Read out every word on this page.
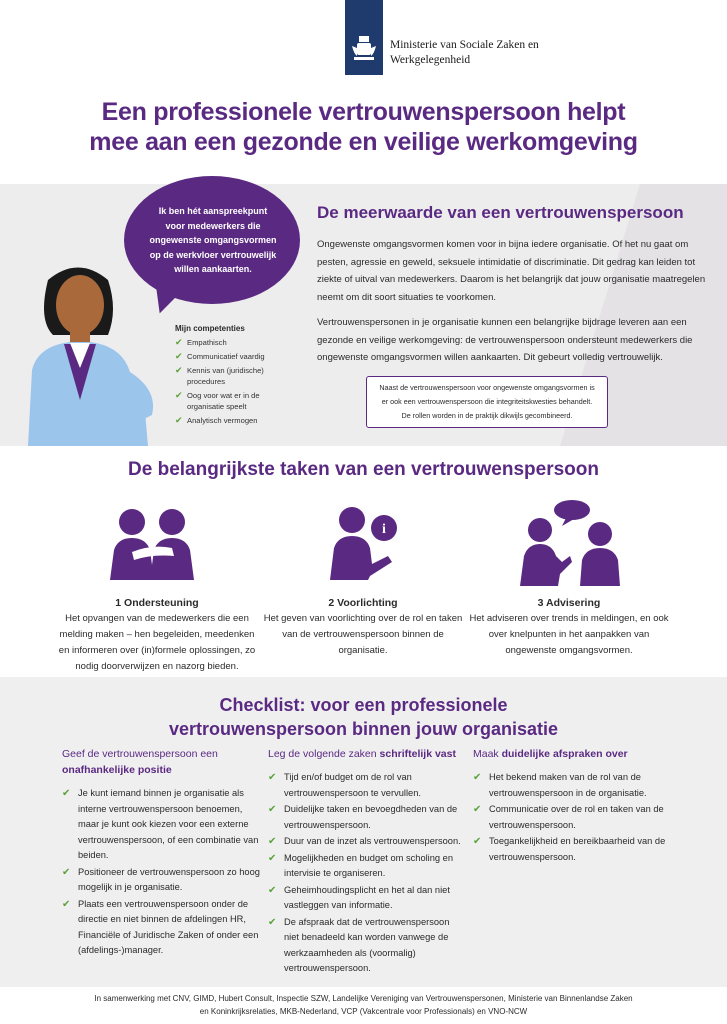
Ministerie van Sociale Zaken en
Werkgelegenheid
Een professionele vertrouwenspersoon helpt
mee aan een gezonde en veilige werkomgeving
Ik ben hét aanspreekpunt
voor medewerkers die
ongewenste omgangsvormen
op de werkvloer vertrouwelijk
willen aankaarten.
Mijn competenties
✔ Empathisch
✔ Communicatief vaardig
✔ Kennis van (juridische) procedures
✔ Oog voor wat er in de organisatie speelt
✔ Analytisch vermogen
De meerwaarde van een vertrouwenspersoon

Ongewenste omgangsvormen komen voor in bijna iedere organisatie. Of het nu gaat om pesten, agressie en geweld, seksuele intimidatie of discriminatie. Dit gedrag kan leiden tot ziekte of uitval van medewerkers. Daarom is het belangrijk dat jouw organisatie maatregelen neemt om dit soort situaties te voorkomen.

Vertrouwenspersonen in je organisatie kunnen een belangrijke bijdrage leveren aan een gezonde en veilige werkomgeving: de vertrouwenspersoon ondersteunt medewerkers die ongewenste omgangsvormen willen aankaarten. Dit gebeurt volledig vertrouwelijk.

Naast de vertrouwenspersoon voor ongewenste omgangsvormen is
er ook een vertrouwenspersoon die integriteitskwesties behandelt.
De rollen worden in de praktijk dikwijls gecombineerd.
De belangrijkste taken van een vertrouwenspersoon
1 Ondersteuning
Het opvangen van de medewerkers die een melding maken – hen begeleiden, meedenken en informeren over (in)formele oplossingen, zo nodig doorverwijzen en nazorg bieden.
i
2 Voorlichting
Het geven van voorlichting over de rol en taken van de vertrouwenspersoon binnen de organisatie.
3 Advisering
Het adviseren over trends in meldingen, en ook over knelpunten in het aanpakken van ongewenste omgangsvormen.
Checklist: voor een professionele
vertrouwenspersoon binnen jouw organisatie
Geef de vertrouwenspersoon een
onafhankelijke positie
✔ Je kunt iemand binnen je organisatie als interne vertrouwenspersoon benoemen, maar je kunt ook kiezen voor een externe vertrouwenspersoon, of een combinatie van beiden.
✔ Positioneer de vertrouwenspersoon zo hoog mogelijk in je organisatie.
✔ Plaats een vertrouwenspersoon onder de directie en niet binnen de afdelingen HR, Financiële of Juridische Zaken of onder een (afdelings-)manager.
Leg de volgende zaken schriftelijk vast
✔ Tijd en/of budget om de rol van vertrouwenspersoon te vervullen.
✔ Duidelijke taken en bevoegdheden van de vertrouwenspersoon.
✔ Duur van de inzet als vertrouwenspersoon.
✔ Mogelijkheden en budget om scholing en intervisie te organiseren.
✔ Geheimhoudingsplicht en het al dan niet vastleggen van informatie.
✔ De afspraak dat de vertrouwenspersoon niet benadeeld kan worden vanwege de werkzaamheden als (voormalig) vertrouwenspersoon.
Maak duidelijke afspraken over
✔ Het bekend maken van de rol van de vertrouwenspersoon in de organisatie.
✔ Communicatie over de rol en taken van de vertrouwenspersoon.
✔ Toegankelijkheid en bereikbaarheid van de vertrouwenspersoon.
In samenwerking met CNV, GIMD, Hubert Consult, Inspectie SZW, Landelijke Vereniging van Vertrouwenspersonen, Ministerie van Binnenlandse Zaken
en Koninkrijksrelaties, MKB-Nederland, VCP (Vakcentrale voor Professionals) en VNO-NCW
